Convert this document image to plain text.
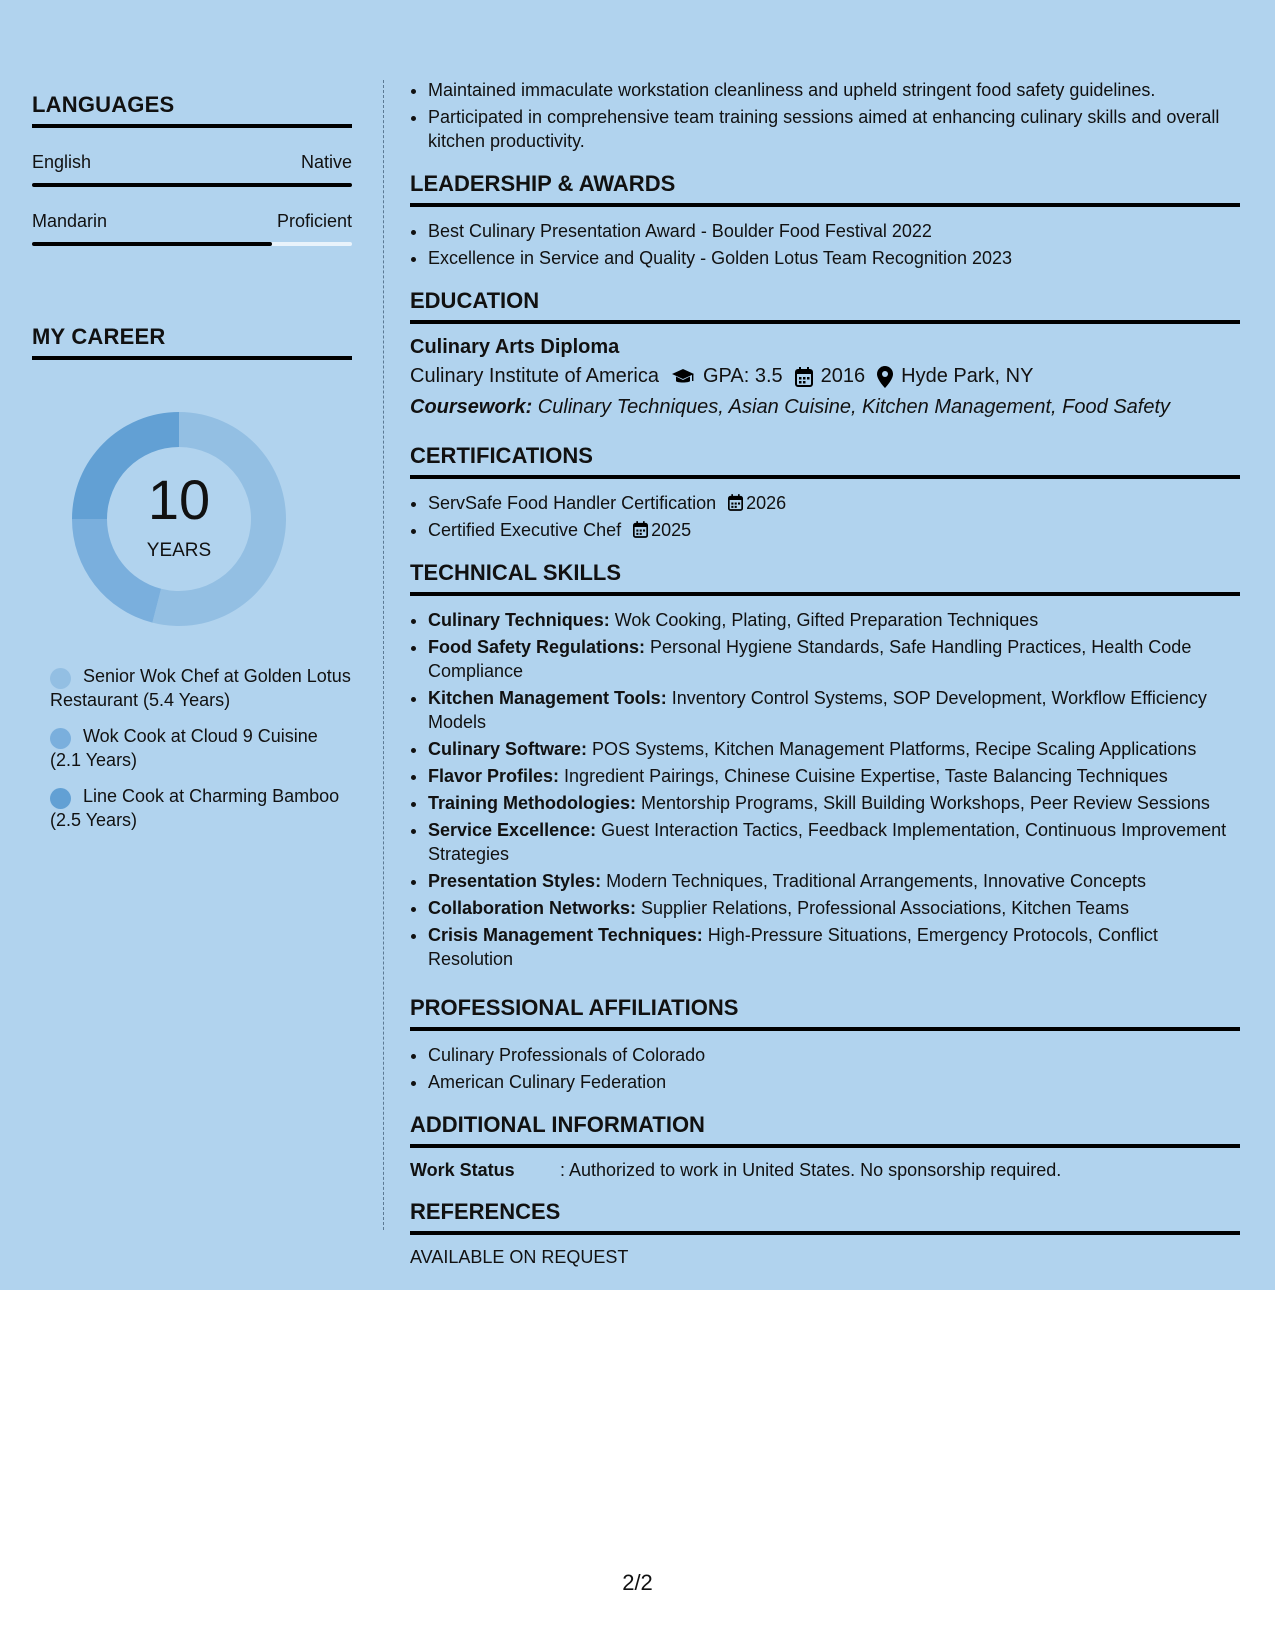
LANGUAGES
English	Native
Mandarin	Proficient
MY CAREER
10
YEARS
Senior Wok Chef at Golden Lotus Restaurant (5.4 Years)
Wok Cook at Cloud 9 Cuisine (2.1 Years)
Line Cook at Charming Bamboo (2.5 Years)
• Maintained immaculate workstation cleanliness and upheld stringent food safety guidelines.
• Participated in comprehensive team training sessions aimed at enhancing culinary skills and overall kitchen productivity.
LEADERSHIP & AWARDS
• Best Culinary Presentation Award - Boulder Food Festival 2022
• Excellence in Service and Quality - Golden Lotus Team Recognition 2023
EDUCATION
Culinary Arts Diploma
Culinary Institute of America GPA: 3.5 2016 Hyde Park, NY
Coursework: Culinary Techniques, Asian Cuisine, Kitchen Management, Food Safety
CERTIFICATIONS
• ServSafe Food Handler Certification 2026
• Certified Executive Chef 2025
TECHNICAL SKILLS
• Culinary Techniques: Wok Cooking, Plating, Gifted Preparation Techniques
• Food Safety Regulations: Personal Hygiene Standards, Safe Handling Practices, Health Code Compliance
• Kitchen Management Tools: Inventory Control Systems, SOP Development, Workflow Efficiency Models
• Culinary Software: POS Systems, Kitchen Management Platforms, Recipe Scaling Applications
• Flavor Profiles: Ingredient Pairings, Chinese Cuisine Expertise, Taste Balancing Techniques
• Training Methodologies: Mentorship Programs, Skill Building Workshops, Peer Review Sessions
• Service Excellence: Guest Interaction Tactics, Feedback Implementation, Continuous Improvement Strategies
• Presentation Styles: Modern Techniques, Traditional Arrangements, Innovative Concepts
• Collaboration Networks: Supplier Relations, Professional Associations, Kitchen Teams
• Crisis Management Techniques: High-Pressure Situations, Emergency Protocols, Conflict Resolution
PROFESSIONAL AFFILIATIONS
• Culinary Professionals of Colorado
• American Culinary Federation
ADDITIONAL INFORMATION
Work Status	: Authorized to work in United States. No sponsorship required.
REFERENCES
AVAILABLE ON REQUEST
2/2
